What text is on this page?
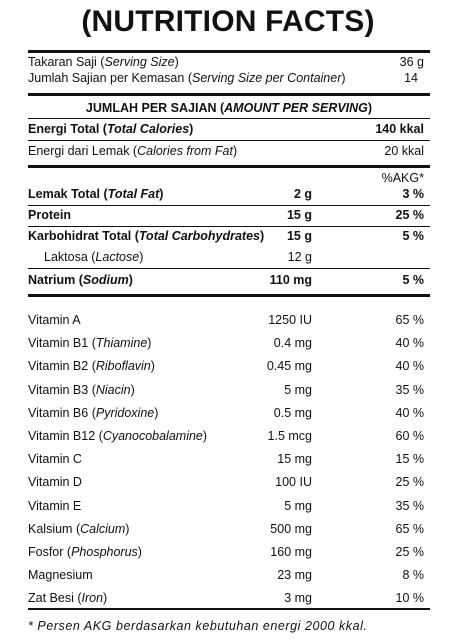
(NUTRITION FACTS)
Takaran Saji (Serving Size)	36 g
Jumlah Sajian per Kemasan (Serving Size per Container)	14
JUMLAH PER SAJIAN (AMOUNT PER SERVING)
Energi Total (Total Calories)	140 kkal
Energi dari Lemak (Calories from Fat)	20 kkal
%AKG*
Lemak Total (Total Fat)	2 g	3 %
Protein	15 g	25 %
Karbohidrat Total (Total Carbohydrates) 15 g	5 %
Laktosa (Lactose)	12 g
Natrium (Sodium)	110 mg	5 %
Vitamin A	1250 IU	65 %
Vitamin B1 (Thiamine)	0.4 mg	40 %
Vitamin B2 (Riboflavin)	0.45 mg	40 %
Vitamin B3 (Niacin)	5 mg	35 %
Vitamin B6 (Pyridoxine)	0.5 mg	40 %
Vitamin B12 (Cyanocobalamine)	1.5 mcg	60 %
Vitamin C	15 mg	15 %
Vitamin D	100 IU	25 %
Vitamin E	5 mg	35 %
Kalsium (Calcium)	500 mg	65 %
Fosfor (Phosphorus)	160 mg	25 %
Magnesium	23 mg	8 %
Zat Besi (Iron)	3 mg	10 %
* Persen AKG berdasarkan kebutuhan energi 2000 kkal.
